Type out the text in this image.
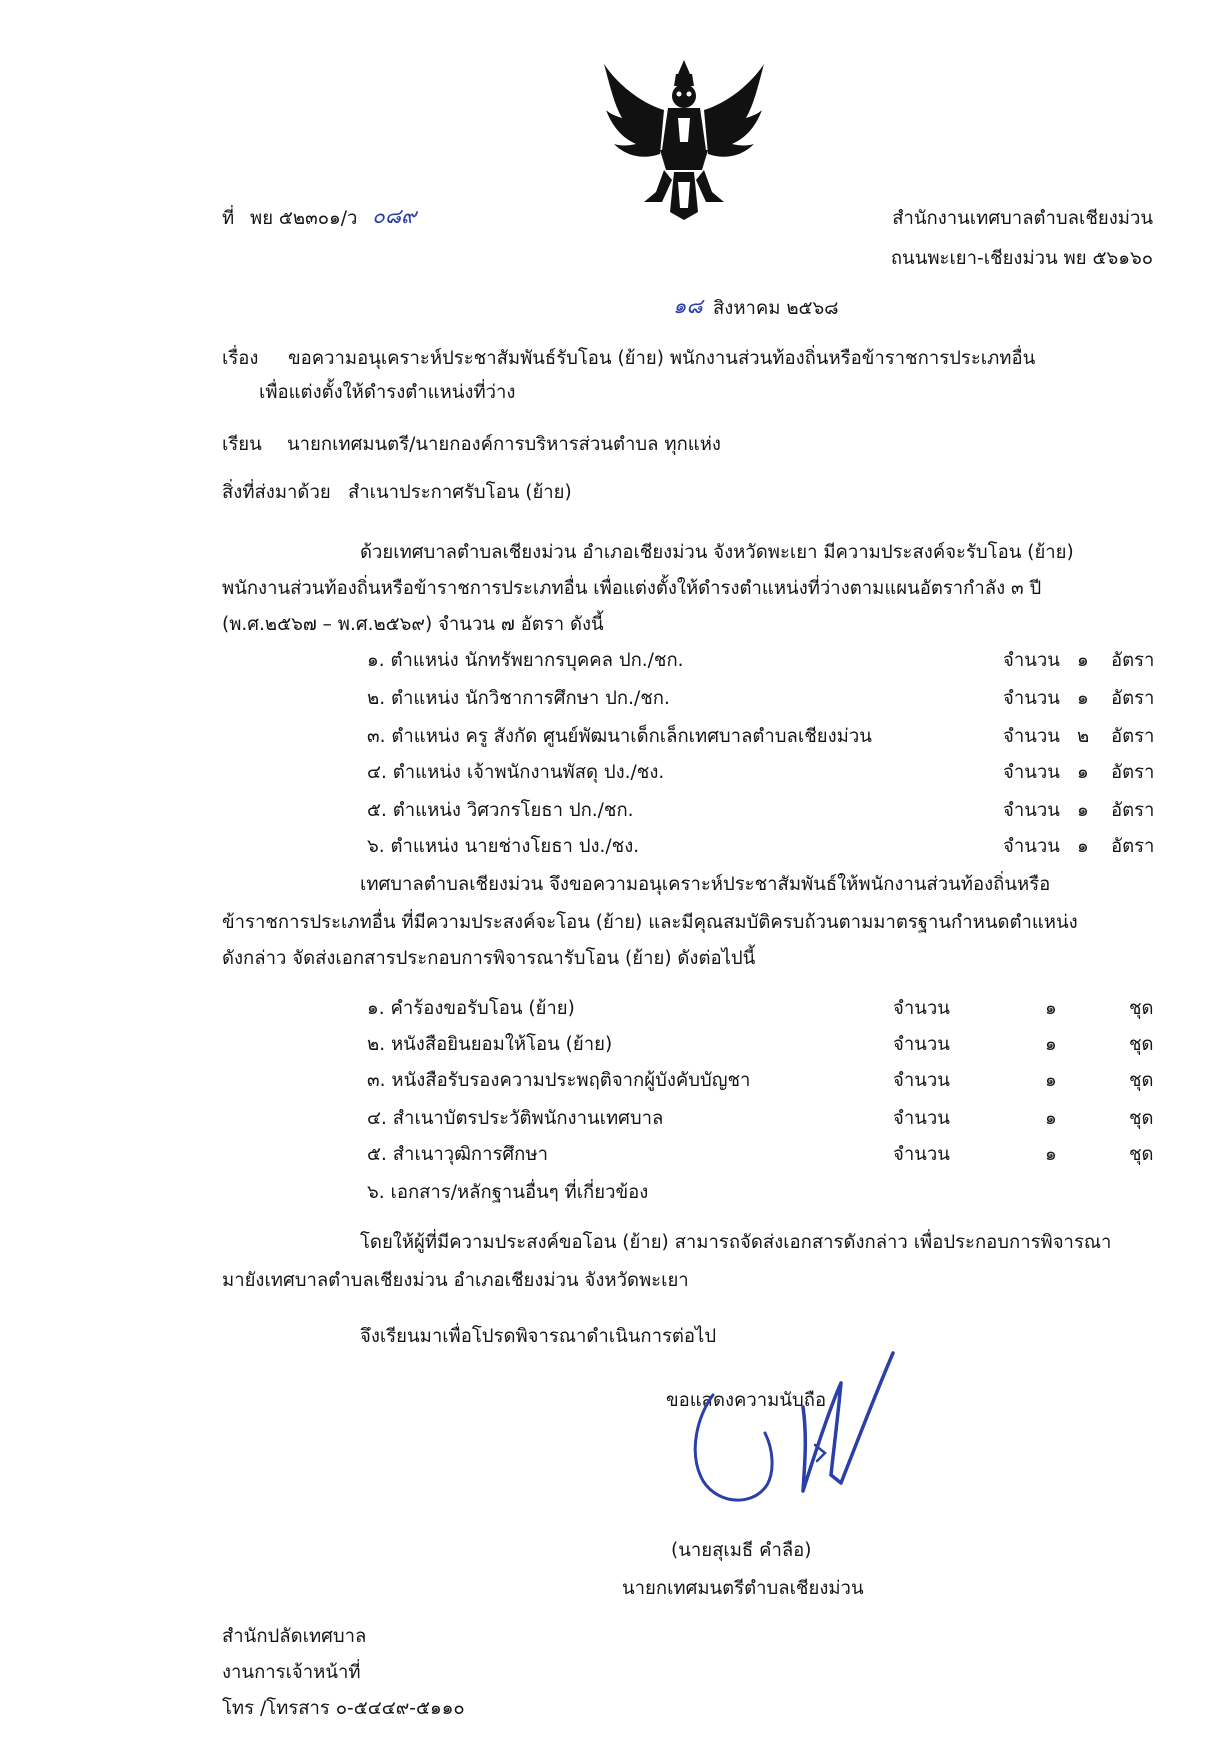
ที่ พย ๕๒๓๐๑/ว ๐๘๙	สำนักงานเทศบาลตำบลเชียงม่วน
ถนนพะเยา-เชียงม่วน พย ๕๖๑๖๐
๑๘ สิงหาคม ๒๕๖๘
เรื่อง ขอความอนุเคราะห์ประชาสัมพันธ์รับโอน (ย้าย) พนักงานส่วนท้องถิ่นหรือข้าราชการประเภทอื่น
เพื่อแต่งตั้งให้ดำรงตำแหน่งที่ว่าง
เรียน นายกเทศมนตรี/นายกองค์การบริหารส่วนตำบล ทุกแห่ง
สิ่งที่ส่งมาด้วย สำเนาประกาศรับโอน (ย้าย)
ด้วยเทศบาลตำบลเชียงม่วน อำเภอเชียงม่วน จังหวัดพะเยา มีความประสงค์จะรับโอน (ย้าย)
พนักงานส่วนท้องถิ่นหรือข้าราชการประเภทอื่น เพื่อแต่งตั้งให้ดำรงตำแหน่งที่ว่างตามแผนอัตรากำลัง ๓ ปี
(พ.ศ.๒๕๖๗ – พ.ศ.๒๕๖๙) จำนวน ๗ อัตรา ดังนี้
๑. ตำแหน่ง นักทรัพยากรบุคคล ปก./ชก.	จำนวน ๑ อัตรา
๒. ตำแหน่ง นักวิชาการศึกษา ปก./ชก.	จำนวน ๑ อัตรา
๓. ตำแหน่ง ครู สังกัด ศูนย์พัฒนาเด็กเล็กเทศบาลตำบลเชียงม่วน	จำนวน ๒ อัตรา
๔. ตำแหน่ง เจ้าพนักงานพัสดุ ปง./ชง.	จำนวน ๑ อัตรา
๕. ตำแหน่ง วิศวกรโยธา ปก./ชก.	จำนวน ๑ อัตรา
๖. ตำแหน่ง นายช่างโยธา ปง./ชง.	จำนวน ๑ อัตรา
เทศบาลตำบลเชียงม่วน จึงขอความอนุเคราะห์ประชาสัมพันธ์ให้พนักงานส่วนท้องถิ่นหรือ
ข้าราชการประเภทอื่น ที่มีความประสงค์จะโอน (ย้าย) และมีคุณสมบัติครบถ้วนตามมาตรฐานกำหนดตำแหน่ง
ดังกล่าว จัดส่งเอกสารประกอบการพิจารณารับโอน (ย้าย) ดังต่อไปนี้
๑. คำร้องขอรับโอน (ย้าย)	จำนวน	๑	ชุด
๒. หนังสือยินยอมให้โอน (ย้าย)	จำนวน	๑	ชุด
๓. หนังสือรับรองความประพฤติจากผู้บังคับบัญชา	จำนวน	๑	ชุด
๔. สำเนาบัตรประวัติพนักงานเทศบาล	จำนวน	๑	ชุด
๕. สำเนาวุฒิการศึกษา	จำนวน	๑	ชุด
๖. เอกสาร/หลักฐานอื่นๆ ที่เกี่ยวข้อง
โดยให้ผู้ที่มีความประสงค์ขอโอน (ย้าย) สามารถจัดส่งเอกสารดังกล่าว เพื่อประกอบการพิจารณา
มายังเทศบาลตำบลเชียงม่วน อำเภอเชียงม่วน จังหวัดพะเยา
จึงเรียนมาเพื่อโปรดพิจารณาดำเนินการต่อไป
ขอแสดงความนับถือ
(นายสุเมธี คำลือ)
นายกเทศมนตรีตำบลเชียงม่วน
สำนักปลัดเทศบาล
งานการเจ้าหน้าที่
โทร /โทรสาร ๐-๕๔๔๙-๕๑๑๐
